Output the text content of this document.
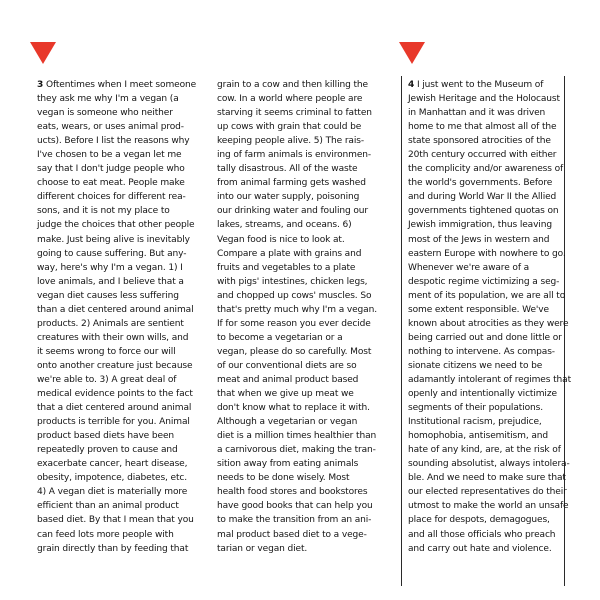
3 Oftentimes when I meet someone
they ask me why I'm a vegan (a
vegan is someone who neither
eats, wears, or uses animal prod-
ucts). Before I list the reasons why
I've chosen to be a vegan let me
say that I don't judge people who
choose to eat meat. People make
different choices for different rea-
sons, and it is not my place to
judge the choices that other people
make. Just being alive is inevitably
going to cause suffering. But any-
way, here's why I'm a vegan. 1) I
love animals, and I believe that a
vegan diet causes less suffering
than a diet centered around animal
products. 2) Animals are sentient
creatures with their own wills, and
it seems wrong to force our will
onto another creature just because
we're able to. 3) A great deal of
medical evidence points to the fact
that a diet centered around animal
products is terrible for you. Animal
product based diets have been
repeatedly proven to cause and
exacerbate cancer, heart disease,
obesity, impotence, diabetes, etc.
4) A vegan diet is materially more
efficient than an animal product
based diet. By that I mean that you
can feed lots more people with
grain directly than by feeding that
grain to a cow and then killing the
cow. In a world where people are
starving it seems criminal to fatten
up cows with grain that could be
keeping people alive. 5) The rais-
ing of farm animals is environmen-
tally disastrous. All of the waste
from animal farming gets washed
into our water supply, poisoning
our drinking water and fouling our
lakes, streams, and oceans. 6)
Vegan food is nice to look at.
Compare a plate with grains and
fruits and vegetables to a plate
with pigs' intestines, chicken legs,
and chopped up cows' muscles. So
that's pretty much why I'm a vegan.
If for some reason you ever decide
to become a vegetarian or a
vegan, please do so carefully. Most
of our conventional diets are so
meat and animal product based
that when we give up meat we
don't know what to replace it with.
Although a vegetarian or vegan
diet is a million times healthier than
a carnivorous diet, making the tran-
sition away from eating animals
needs to be done wisely. Most
health food stores and bookstores
have good books that can help you
to make the transition from an ani-
mal product based diet to a vege-
tarian or vegan diet.
4 I just went to the Museum of
Jewish Heritage and the Holocaust
in Manhattan and it was driven
home to me that almost all of the
state sponsored atrocities of the
20th century occurred with either
the complicity and/or awareness of
the world's governments. Before
and during World War II the Allied
governments tightened quotas on
Jewish immigration, thus leaving
most of the Jews in western and
eastern Europe with nowhere to go.
Whenever we're aware of a
despotic regime victimizing a seg-
ment of its population, we are all to
some extent responsible. We've
known about atrocities as they were
being carried out and done little or
nothing to intervene. As compas-
sionate citizens we need to be
adamantly intolerant of regimes that
openly and intentionally victimize
segments of their populations.
Institutional racism, prejudice,
homophobia, antisemitism, and
hate of any kind, are, at the risk of
sounding absolutist, always intolera-
ble. And we need to make sure that
our elected representatives do their
utmost to make the world an unsafe
place for despots, demagogues,
and all those officials who preach
and carry out hate and violence.
